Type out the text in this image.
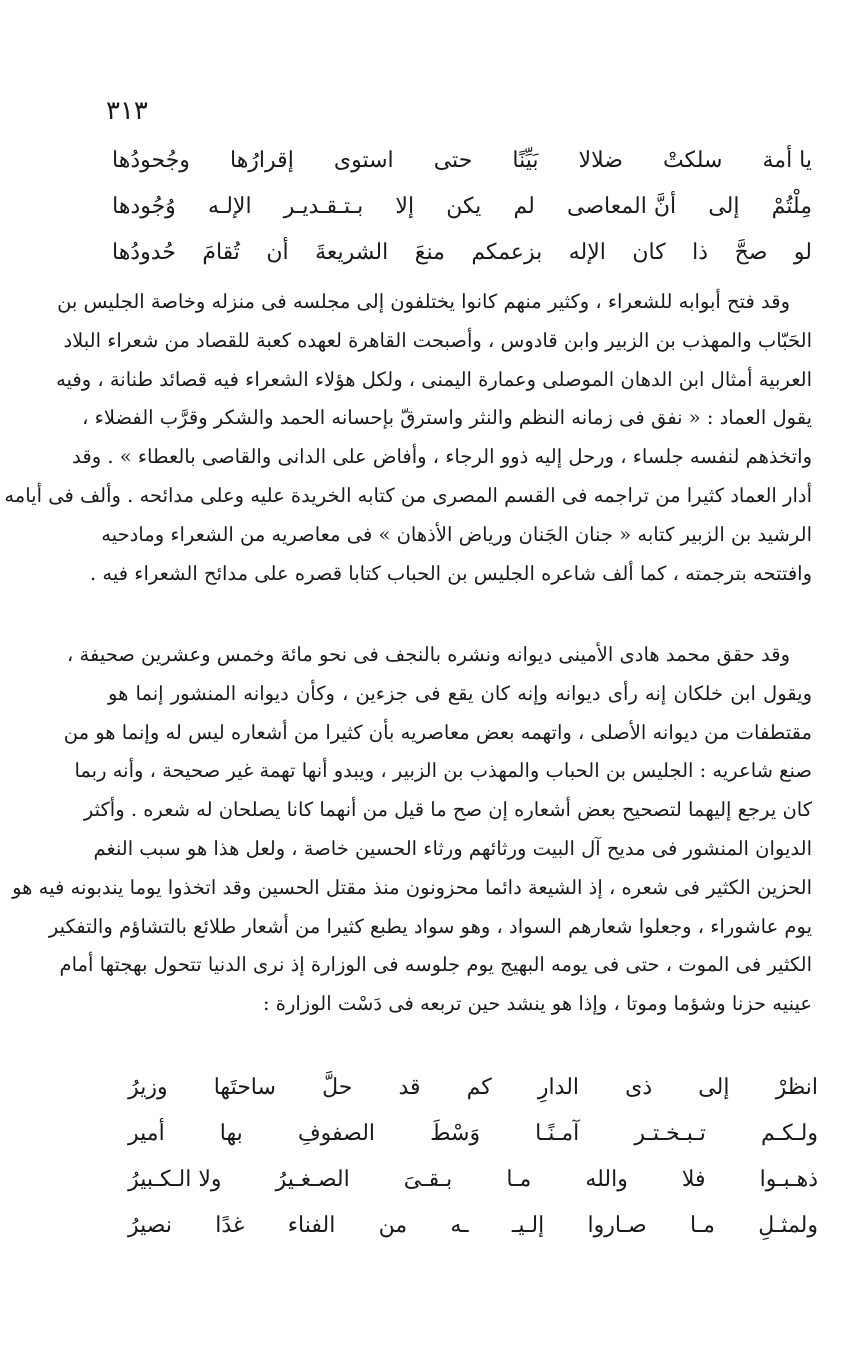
٣١٣
يا أمة
سلكتْ
ضلالا
بَيِّنًا
حتى
استوى
إقرارُها
وجُحودُها
مِلْتُمْ
إلى
أنَّ المعاصى
لم
يكن
إلا
بـتـقـديـر
الإلـه
وُجُودها
لو
صحَّ
ذا
كان
الإله
بزعمكم
منعَ
الشريعةَ
أن
تُقامَ
حُدودُها
وقد فتح أبوابه للشعراء ، وكثير منهم كانوا يختلفون إلى مجلسه فى منزله وخاصة الجليس بن
الحَبّاب والمهذب بن الزبير وابن قادوس ، وأصبحت القاهرة لعهده كعبة للقصاد من شعراء البلاد
العربية أمثال ابن الدهان الموصلى وعمارة اليمنى ، ولكل هؤلاء الشعراء فيه قصائد طنانة ، وفيه
يقول العماد : « نفق فى زمانه النظم والنثر واسترقّ بإحسانه الحمد والشكر وقرَّب الفضلاء ،
واتخذهم لنفسه جلساء ، ورحل إليه ذوو الرجاء ، وأفاض على الدانى والقاصى بالعطاء » . وقد
أدار العماد كثيرا من تراجمه فى القسم المصرى من كتابه الخريدة عليه وعلى مدائحه . وألف فى أيامه
الرشيد بن الزبير كتابه « جنان الجَنان ورياض الأذهان » فى معاصريه من الشعراء ومادحيه
وافتتحه بترجمته ، كما ألف شاعره الجليس بن الحباب كتابا قصره على مدائح الشعراء فيه .
وقد حقق محمد هادى الأمينى ديوانه ونشره بالنجف فى نحو مائة وخمس وعشرين صحيفة ،
ويقول ابن خلكان إنه رأى ديوانه وإنه كان يقع فى جزءين ، وكأن ديوانه المنشور إنما هو
مقتطفات من ديوانه الأصلى ، واتهمه بعض معاصريه بأن كثيرا من أشعاره ليس له وإنما هو من
صنع شاعريه : الجليس بن الحباب والمهذب بن الزبير ، ويبدو أنها تهمة غير صحيحة ، وأنه ربما
كان يرجع إليهما لتصحيح بعض أشعاره إن صح ما قيل من أنهما كانا يصلحان له شعره . وأكثر
الديوان المنشور فى مديح آل البيت ورثائهم ورثاء الحسين خاصة ، ولعل هذا هو سبب النغم
الحزين الكثير فى شعره ، إذ الشيعة دائما محزونون منذ مقتل الحسين وقد اتخذوا يوما يندبونه فيه هو
يوم عاشوراء ، وجعلوا شعارهم السواد ، وهو سواد يطبع كثيرا من أشعار طلائع بالتشاؤم والتفكير
الكثير فى الموت ، حتى فى يومه البهيج يوم جلوسه فى الوزارة إذ نرى الدنيا تتحول بهجتها أمام
عينيه حزنا وشؤما وموتا ، وإذا هو ينشد حين تربعه فى دَسْت الوزارة :
انظرْ
إلى
ذى
الدارِ
كم
قد
حلَّ
ساحتَها
وزيرُ
ولـكـم
تـبـخـتـر
آمـنًـا
وَسْطَ
الصفوفِ
بها
أمير
ذهـبـوا
فلا
والله
مـا
بـقـىَ
الصـغـيرُ
ولا الـكـبيرُ
ولمثـلِ
مـا
صـاروا
إلـيـ
ـه
من
الفناء
غدًا
نصيرُ
